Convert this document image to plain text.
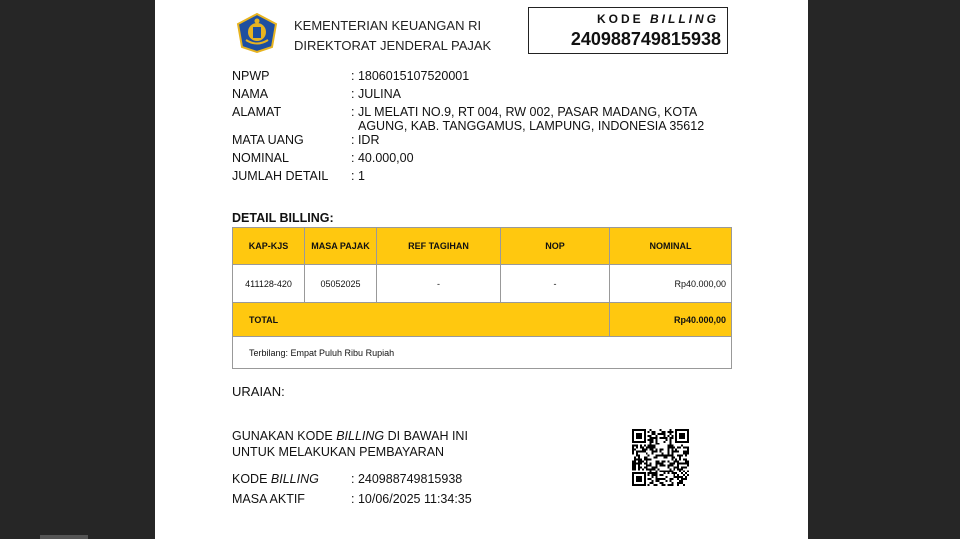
KEMENTERIAN KEUANGAN RI
DIREKTORAT JENDERAL PAJAK
KODE BILLING
240988749815938
NPWP	: 1806015107520001
NAMA	: JULINA
ALAMAT	: JL MELATI NO.9, RT 004, RW 002, PASAR MADANG, KOTA
AGUNG, KAB. TANGGAMUS, LAMPUNG, INDONESIA 35612
MATA UANG	: IDR
NOMINAL	: 40.000,00
JUMLAH DETAIL : 1
DETAIL BILLING:
KAP-KJS	MASA PAJAK	REF TAGIHAN	NOP	NOMINAL
411128-420	05052025	-	-	Rp40.000,00
TOTAL				Rp40.000,00
Terbilang: Empat Puluh Ribu Rupiah				
URAIAN:
GUNAKAN KODE BILLING DI BAWAH INI
UNTUK MELAKUKAN PEMBAYARAN
KODE BILLING	: 240988749815938
MASA AKTIF	: 10/06/2025 11:34:35
